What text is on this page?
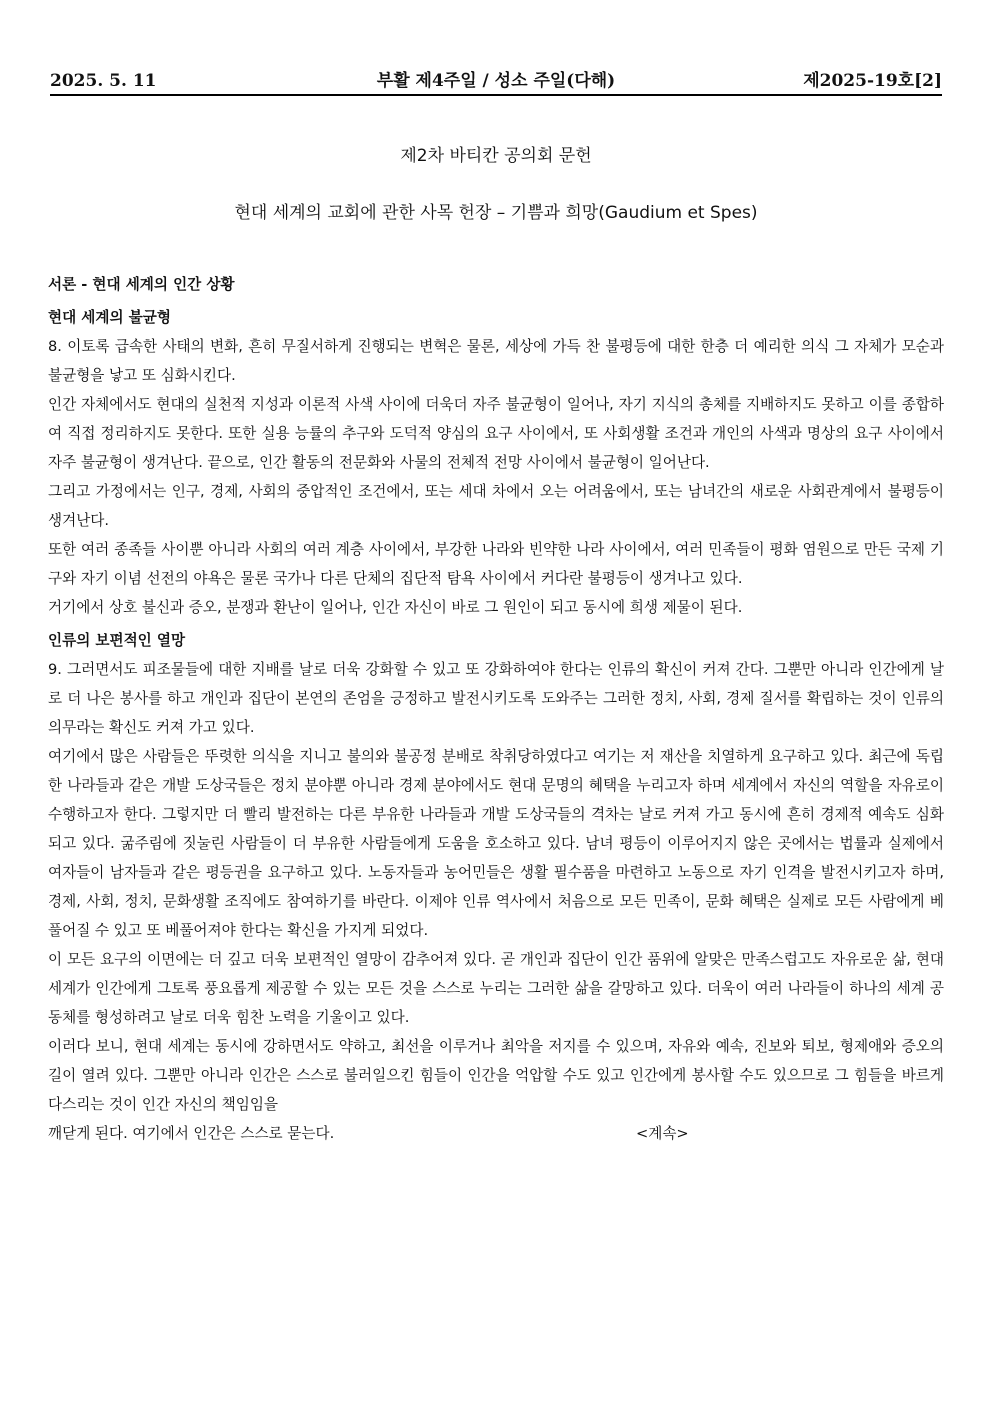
2025. 5. 11	부활 제4주일 / 성소 주일(다해)	제2025-19호[2]
제2차 바티칸 공의회 문헌
현대 세계의 교회에 관한 사목 헌장 – 기쁨과 희망(Gaudium et Spes)

서론 - 현대 세계의 인간 상황

현대 세계의 불균형

8. 이토록 급속한 사태의 변화, 흔히 무질서하게 진행되는 변혁은 물론, 세상에 가득 찬 불평등에 대한 한층 더 예리한 의식 그 자체가 모순과 불균형을 낳고 또 심화시킨다.

인간 자체에서도 현대의 실천적 지성과 이론적 사색 사이에 더욱더 자주 불균형이 일어나, 자기 지식의 총체를 지배하지도 못하고 이를 종합하여 직접 정리하지도 못한다. 또한 실용 능률의 추구와 도덕적 양심의 요구 사이에서, 또 사회생활 조건과 개인의 사색과 명상의 요구 사이에서 자주 불균형이 생겨난다. 끝으로, 인간 활동의 전문화와 사물의 전체적 전망 사이에서 불균형이 일어난다.

그리고 가정에서는 인구, 경제, 사회의 중압적인 조건에서, 또는 세대 차에서 오는 어려움에서, 또는 남녀간의 새로운 사회관계에서 불평등이 생겨난다.

또한 여러 종족들 사이뿐 아니라 사회의 여러 계층 사이에서, 부강한 나라와 빈약한 나라 사이에서, 여러 민족들이 평화 염원으로 만든 국제 기구와 자기 이념 선전의 야욕은 물론 국가나 다른 단체의 집단적 탐욕 사이에서 커다란 불평등이 생겨나고 있다.

거기에서 상호 불신과 증오, 분쟁과 환난이 일어나, 인간 자신이 바로 그 원인이 되고 동시에 희생 제물이 된다.

인류의 보편적인 열망

9. 그러면서도 피조물들에 대한 지배를 날로 더욱 강화할 수 있고 또 강화하여야 한다는 인류의 확신이 커져 간다. 그뿐만 아니라 인간에게 날로 더 나은 봉사를 하고 개인과 집단이 본연의 존엄을 긍정하고 발전시키도록 도와주는 그러한 정치, 사회, 경제 질서를 확립하는 것이 인류의 의무라는 확신도 커져 가고 있다.

여기에서 많은 사람들은 뚜렷한 의식을 지니고 불의와 불공정 분배로 착취당하였다고 여기는 저 재산을 치열하게 요구하고 있다. 최근에 독립한 나라들과 같은 개발 도상국들은 정치 분야뿐 아니라 경제 분야에서도 현대 문명의 혜택을 누리고자 하며 세계에서 자신의 역할을 자유로이 수행하고자 한다. 그렇지만 더 빨리 발전하는 다른 부유한 나라들과 개발 도상국들의 격차는 날로 커져 가고 동시에 흔히 경제적 예속도 심화되고 있다. 굶주림에 짓눌린 사람들이 더 부유한 사람들에게 도움을 호소하고 있다. 남녀 평등이 이루어지지 않은 곳에서는 법률과 실제에서 여자들이 남자들과 같은 평등권을 요구하고 있다. 노동자들과 농어민들은 생활 필수품을 마련하고 노동으로 자기 인격을 발전시키고자 하며, 경제, 사회, 정치, 문화생활 조직에도 참여하기를 바란다. 이제야 인류 역사에서 처음으로 모든 민족이, 문화 혜택은 실제로 모든 사람에게 베풀어질 수 있고 또 베풀어져야 한다는 확신을 가지게 되었다.

이 모든 요구의 이면에는 더 깊고 더욱 보편적인 열망이 감추어져 있다. 곧 개인과 집단이 인간 품위에 알맞은 만족스럽고도 자유로운 삶, 현대 세계가 인간에게 그토록 풍요롭게 제공할 수 있는 모든 것을 스스로 누리는 그러한 삶을 갈망하고 있다. 더욱이 여러 나라들이 하나의 세계 공동체를 형성하려고 날로 더욱 힘찬 노력을 기울이고 있다.

이러다 보니, 현대 세계는 동시에 강하면서도 약하고, 최선을 이루거나 최악을 저지를 수 있으며, 자유와 예속, 진보와 퇴보, 형제애와 증오의 길이 열려 있다. 그뿐만 아니라 인간은 스스로 불러일으킨 힘들이 인간을 억압할 수도 있고 인간에게 봉사할 수도 있으므로 그 힘들을 바르게 다스리는 것이 인간 자신의 책임임을

깨닫게 된다. 여기에서 인간은 스스로 묻는다.	<계속>
